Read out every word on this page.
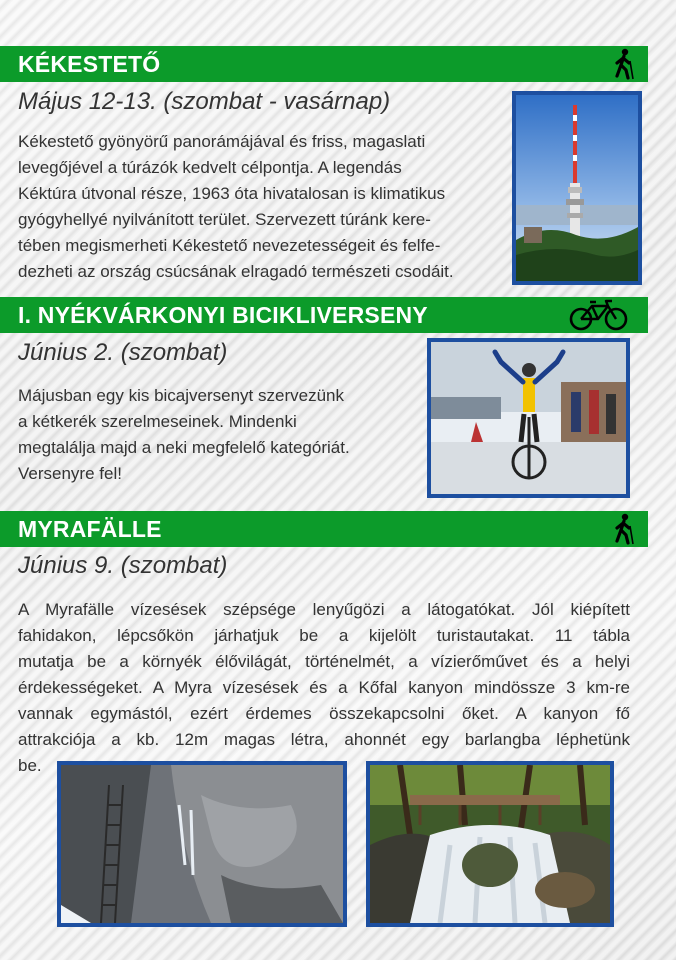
KÉKESTETŐ
Május 12-13. (szombat - vasárnap)
Kékestető gyönyörű panorámájával és friss, magaslati
levegőjével a túrázók kedvelt célpontja. A legendás
Kéktúra útvonal része, 1963 óta hivatalosan is klimatikus
gyógyhellyé nyilvánított terület. Szervezett túránk kere-
tében megismerheti Kékestető nevezetességeit és felfe-
dezheti az ország csúcsának elragadó természeti csodáit.
I. NYÉKVÁRKONYI BICIKLIVERSENY
Június 2. (szombat)
Májusban egy kis bicajversenyt szervezünk
a kétkerék szerelmeseinek. Mindenki
megtalálja majd a neki megfelelő kategóriát.
Versenyre fel!
MYRAFÄLLE
Június 9. (szombat)
A Myrafälle vízesések szépsége lenyűgözi a látogatókat. Jól kiépített
fahidakon, lépcsőkön járhatjuk be a kijelölt turistautakat. 11 tábla
mutatja be a környék élővilágát, történelmét, a vízierőművet és a helyi
érdekességeket. A Myra vízesések és a Kőfal kanyon mindössze 3 km-re
vannak egymástól, ezért érdemes összekapcsolni őket. A kanyon fő
attrakciója a kb. 12m magas létra, ahonnét egy barlangba léphetünk
be.
